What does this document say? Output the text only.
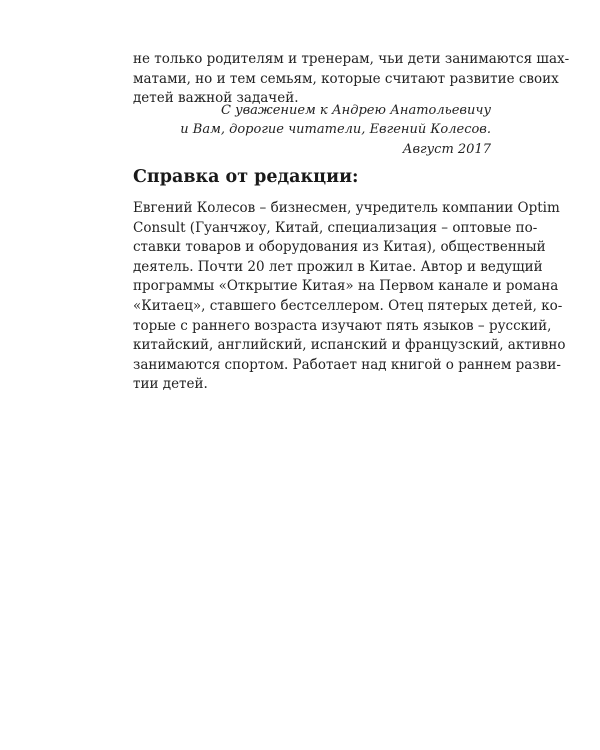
не только родителям и тренерам, чьи дети занимаются шах-
матами, но и тем семьям, которые считают развитие своих
детей важной задачей.
С уважением к Андрею Анатольевичу
и Вам, дорогие читатели, Евгений Колесов.
Август 2017
Справка от редакции:
Евгений Колесов – бизнесмен, учредитель компании Optim
Consult (Гуанчжоу, Китай, специализация – оптовые по-
ставки товаров и оборудования из Китая), общественный
деятель. Почти 20 лет прожил в Китае. Автор и ведущий
программы «Открытие Китая» на Первом канале и романа
«Китаец», ставшего бестселлером. Отец пятерых детей, ко-
торые с раннего возраста изучают пять языков – русский,
китайский, английский, испанский и французский, активно
занимаются спортом. Работает над книгой о раннем разви-
тии детей.
